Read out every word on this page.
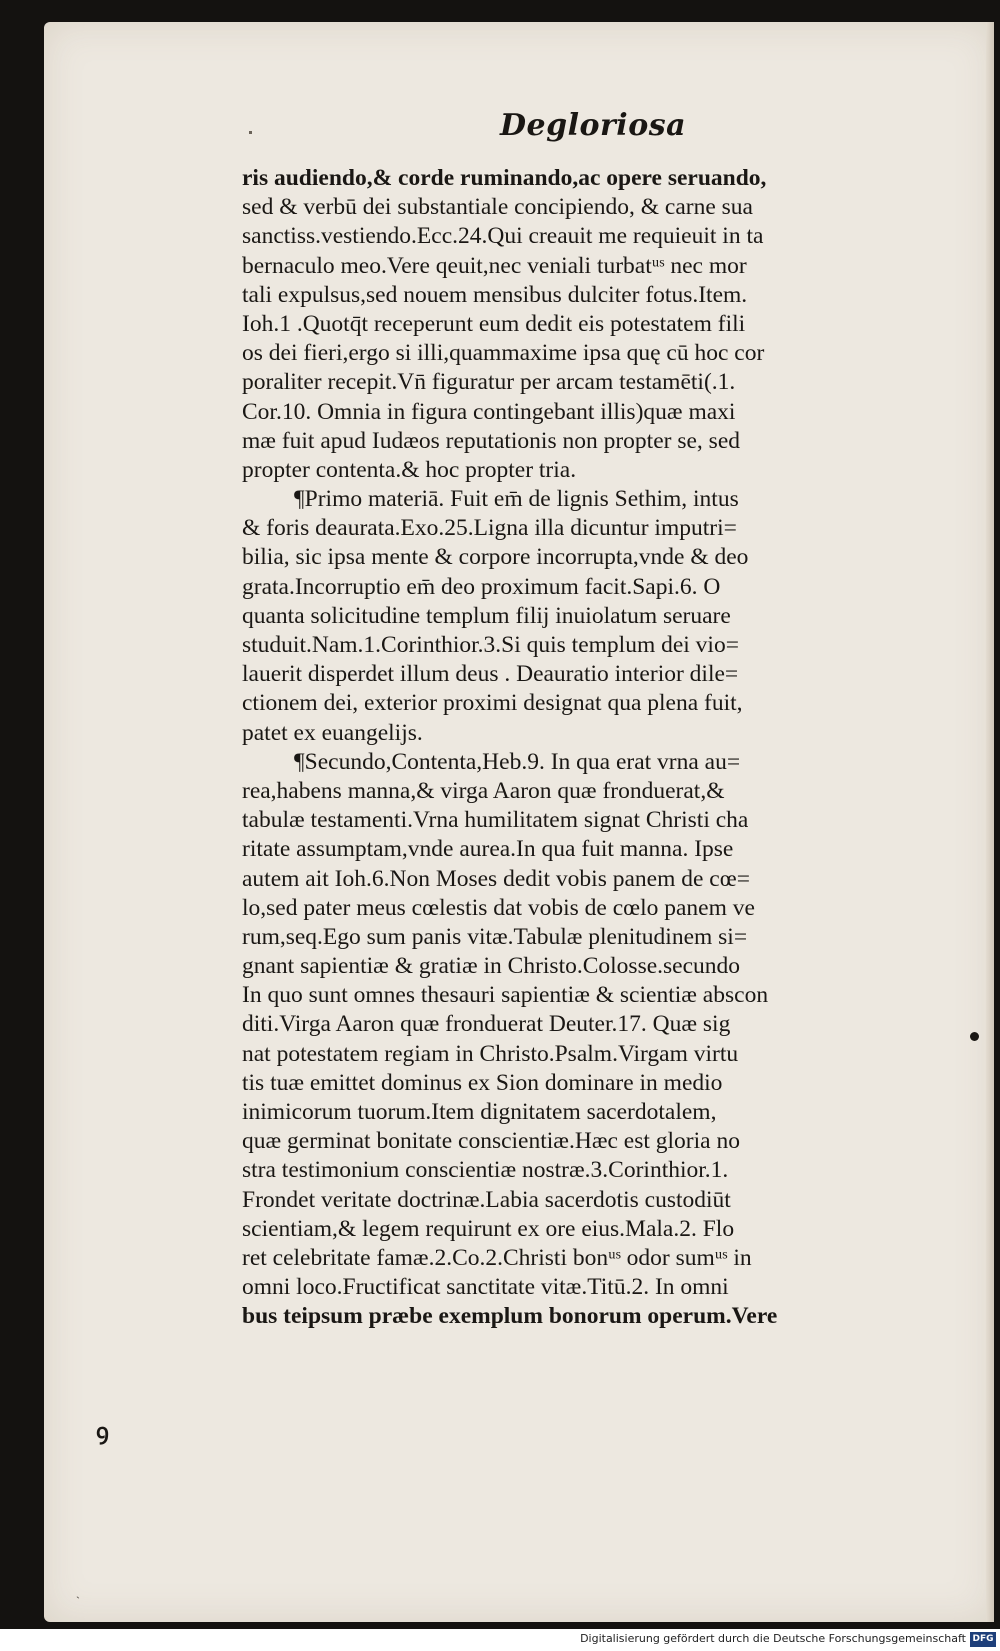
Degloriosa
ris audiendo,& corde ruminando,ac opere seruando,
sed & verbū dei substantiale concipiendo, & carne sua
sanctiss.vestiendo.Ecc.24.Qui creauit me requieuit in ta
bernaculo meo.Vere qeuit,nec veniali turbatᵘˢ nec mor
tali expulsus,sed nouem mensibus dulciter fotus.Item.
Ioh.1 .Quotq̄t receperunt eum dedit eis potestatem fili
os dei fieri,ergo si illi,quammaxime ipsa quę cū hoc cor
poraliter recepit.Vn̄ figuratur per arcam testamēti(.1.
Cor.10. Omnia in figura contingebant illis)quæ maxi
mæ fuit apud Iudæos reputationis non propter se, sed
propter contenta.& hoc propter tria.
¶Primo materiā. Fuit em̄ de lignis Sethim, intus
& foris deaurata.Exo.25.Ligna illa dicuntur imputri=
bilia, sic ipsa mente & corpore incorrupta,vnde & deo
grata.Incorruptio em̄ deo proximum facit.Sapi.6. O
quanta solicitudine templum filij inuiolatum seruare
studuit.Nam.1.Corinthior.3.Si quis templum dei vio=
lauerit disperdet illum deus . Deauratio interior dile=
ctionem dei, exterior proximi designat qua plena fuit,
patet ex euangelijs.
¶Secundo,Contenta,Heb.9. In qua erat vrna au=
rea,habens manna,& virga Aaron quæ fronduerat,&
tabulæ testamenti.Vrna humilitatem signat Christi cha
ritate assumptam,vnde aurea.In qua fuit manna. Ipse
autem ait Ioh.6.Non Moses dedit vobis panem de cœ=
lo,sed pater meus cœlestis dat vobis de cœlo panem ve
rum,seq.Ego sum panis vitæ.Tabulæ plenitudinem si=
gnant sapientiæ & gratiæ in Christo.Colosse.secundo
In quo sunt omnes thesauri sapientiæ & scientiæ abscon
diti.Virga Aaron quæ fronduerat Deuter.17. Quæ sig
nat potestatem regiam in Christo.Psalm.Virgam virtu
tis tuæ emittet dominus ex Sion dominare in medio
inimicorum tuorum.Item dignitatem sacerdotalem,
quæ germinat bonitate conscientiæ.Hæc est gloria no
stra testimonium conscientiæ nostræ.3.Corinthior.1.
Frondet veritate doctrinæ.Labia sacerdotis custodiūt
scientiam,& legem requirunt ex ore eius.Mala.2. Flo
ret celebritate famæ.2.Co.2.Christi bonᵘˢ odor sumᵘˢ in
omni loco.Fructificat sanctitate vitæ.Titū.2. In omni
bus teipsum præbe exemplum bonorum operum.Vere
ꝯ
ˎ
Digitalisierung gefördert durch die Deutsche Forschungsgemeinschaft DFG
